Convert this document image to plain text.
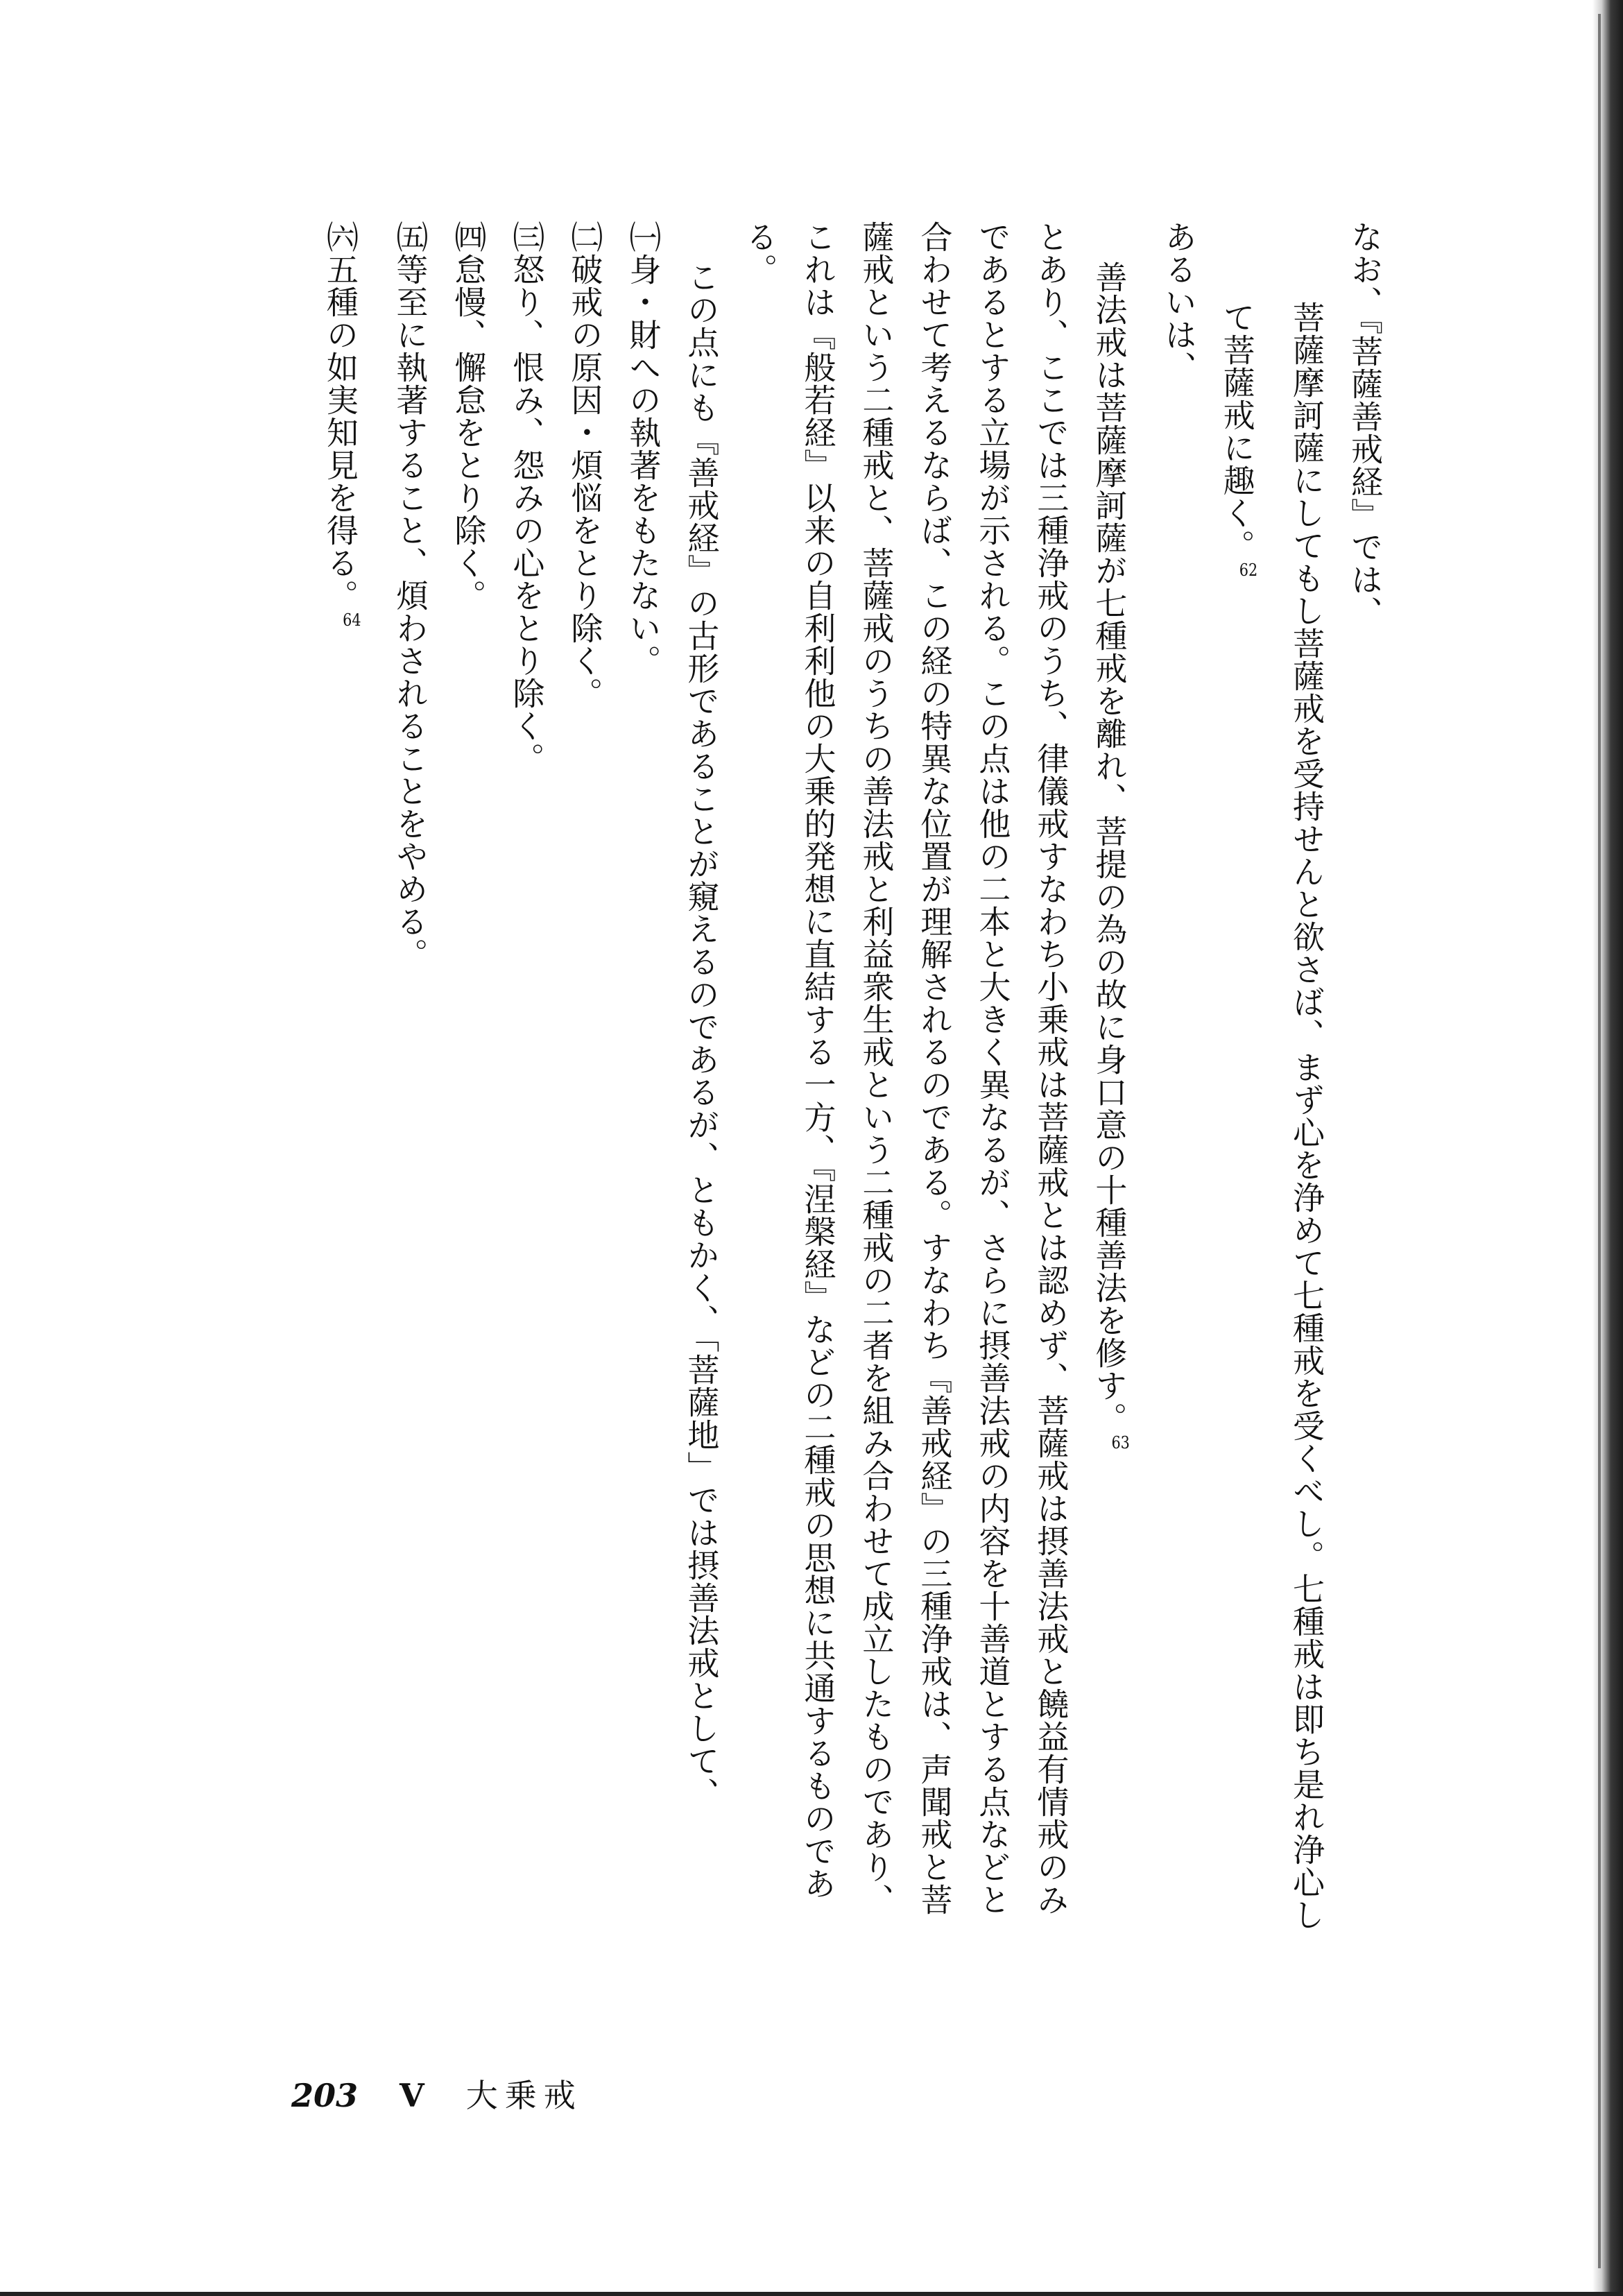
なお、『菩薩善戒経』では、

菩薩摩訶薩にしてもし菩薩戒を受持せんと欲さば、まず心を浄めて七種戒を受くべし。七種戒は即ち是れ浄心し

て菩薩戒に趣く。$^{62}$

あるいは、

善法戒は菩薩摩訶薩が七種戒を離れ、菩提の為の故に身口意の十種善法を修す。$^{63}$

とあり、ここでは三種浄戒のうち、律儀戒すなわち小乗戒は菩薩戒とは認めず、菩薩戒は摂善法戒と饒益有情戒のみ

であるとする立場が示される。この点は他の二本と大きく異なるが、さらに摂善法戒の内容を十善道とする点などと

合わせて考えるならば、この経の特異な位置が理解されるのである。すなわち『善戒経』の三種浄戒は、声聞戒と菩

薩戒という二種戒と、菩薩戒のうちの善法戒と利益衆生戒という二種戒の二者を組み合わせて成立したものであり、

これは『般若経』以来の自利利他の大乗的発想に直結する一方、『涅槃経』などの二種戒の思想に共通するものであ

る。

この点にも『善戒経』の古形であることが窺えるのであるが、ともかく、「菩薩地」では摂善法戒として、

㈠身・財への執著をもたない。

㈡破戒の原因・煩悩をとり除く。

㈢怒り、恨み、怨みの心をとり除く。

㈣怠慢、懈怠をとり除く。

㈤等至に執著すること、煩わされることをやめる。

㈥五種の如実知見を得る。$^{64}$

203 V 大乗戒
